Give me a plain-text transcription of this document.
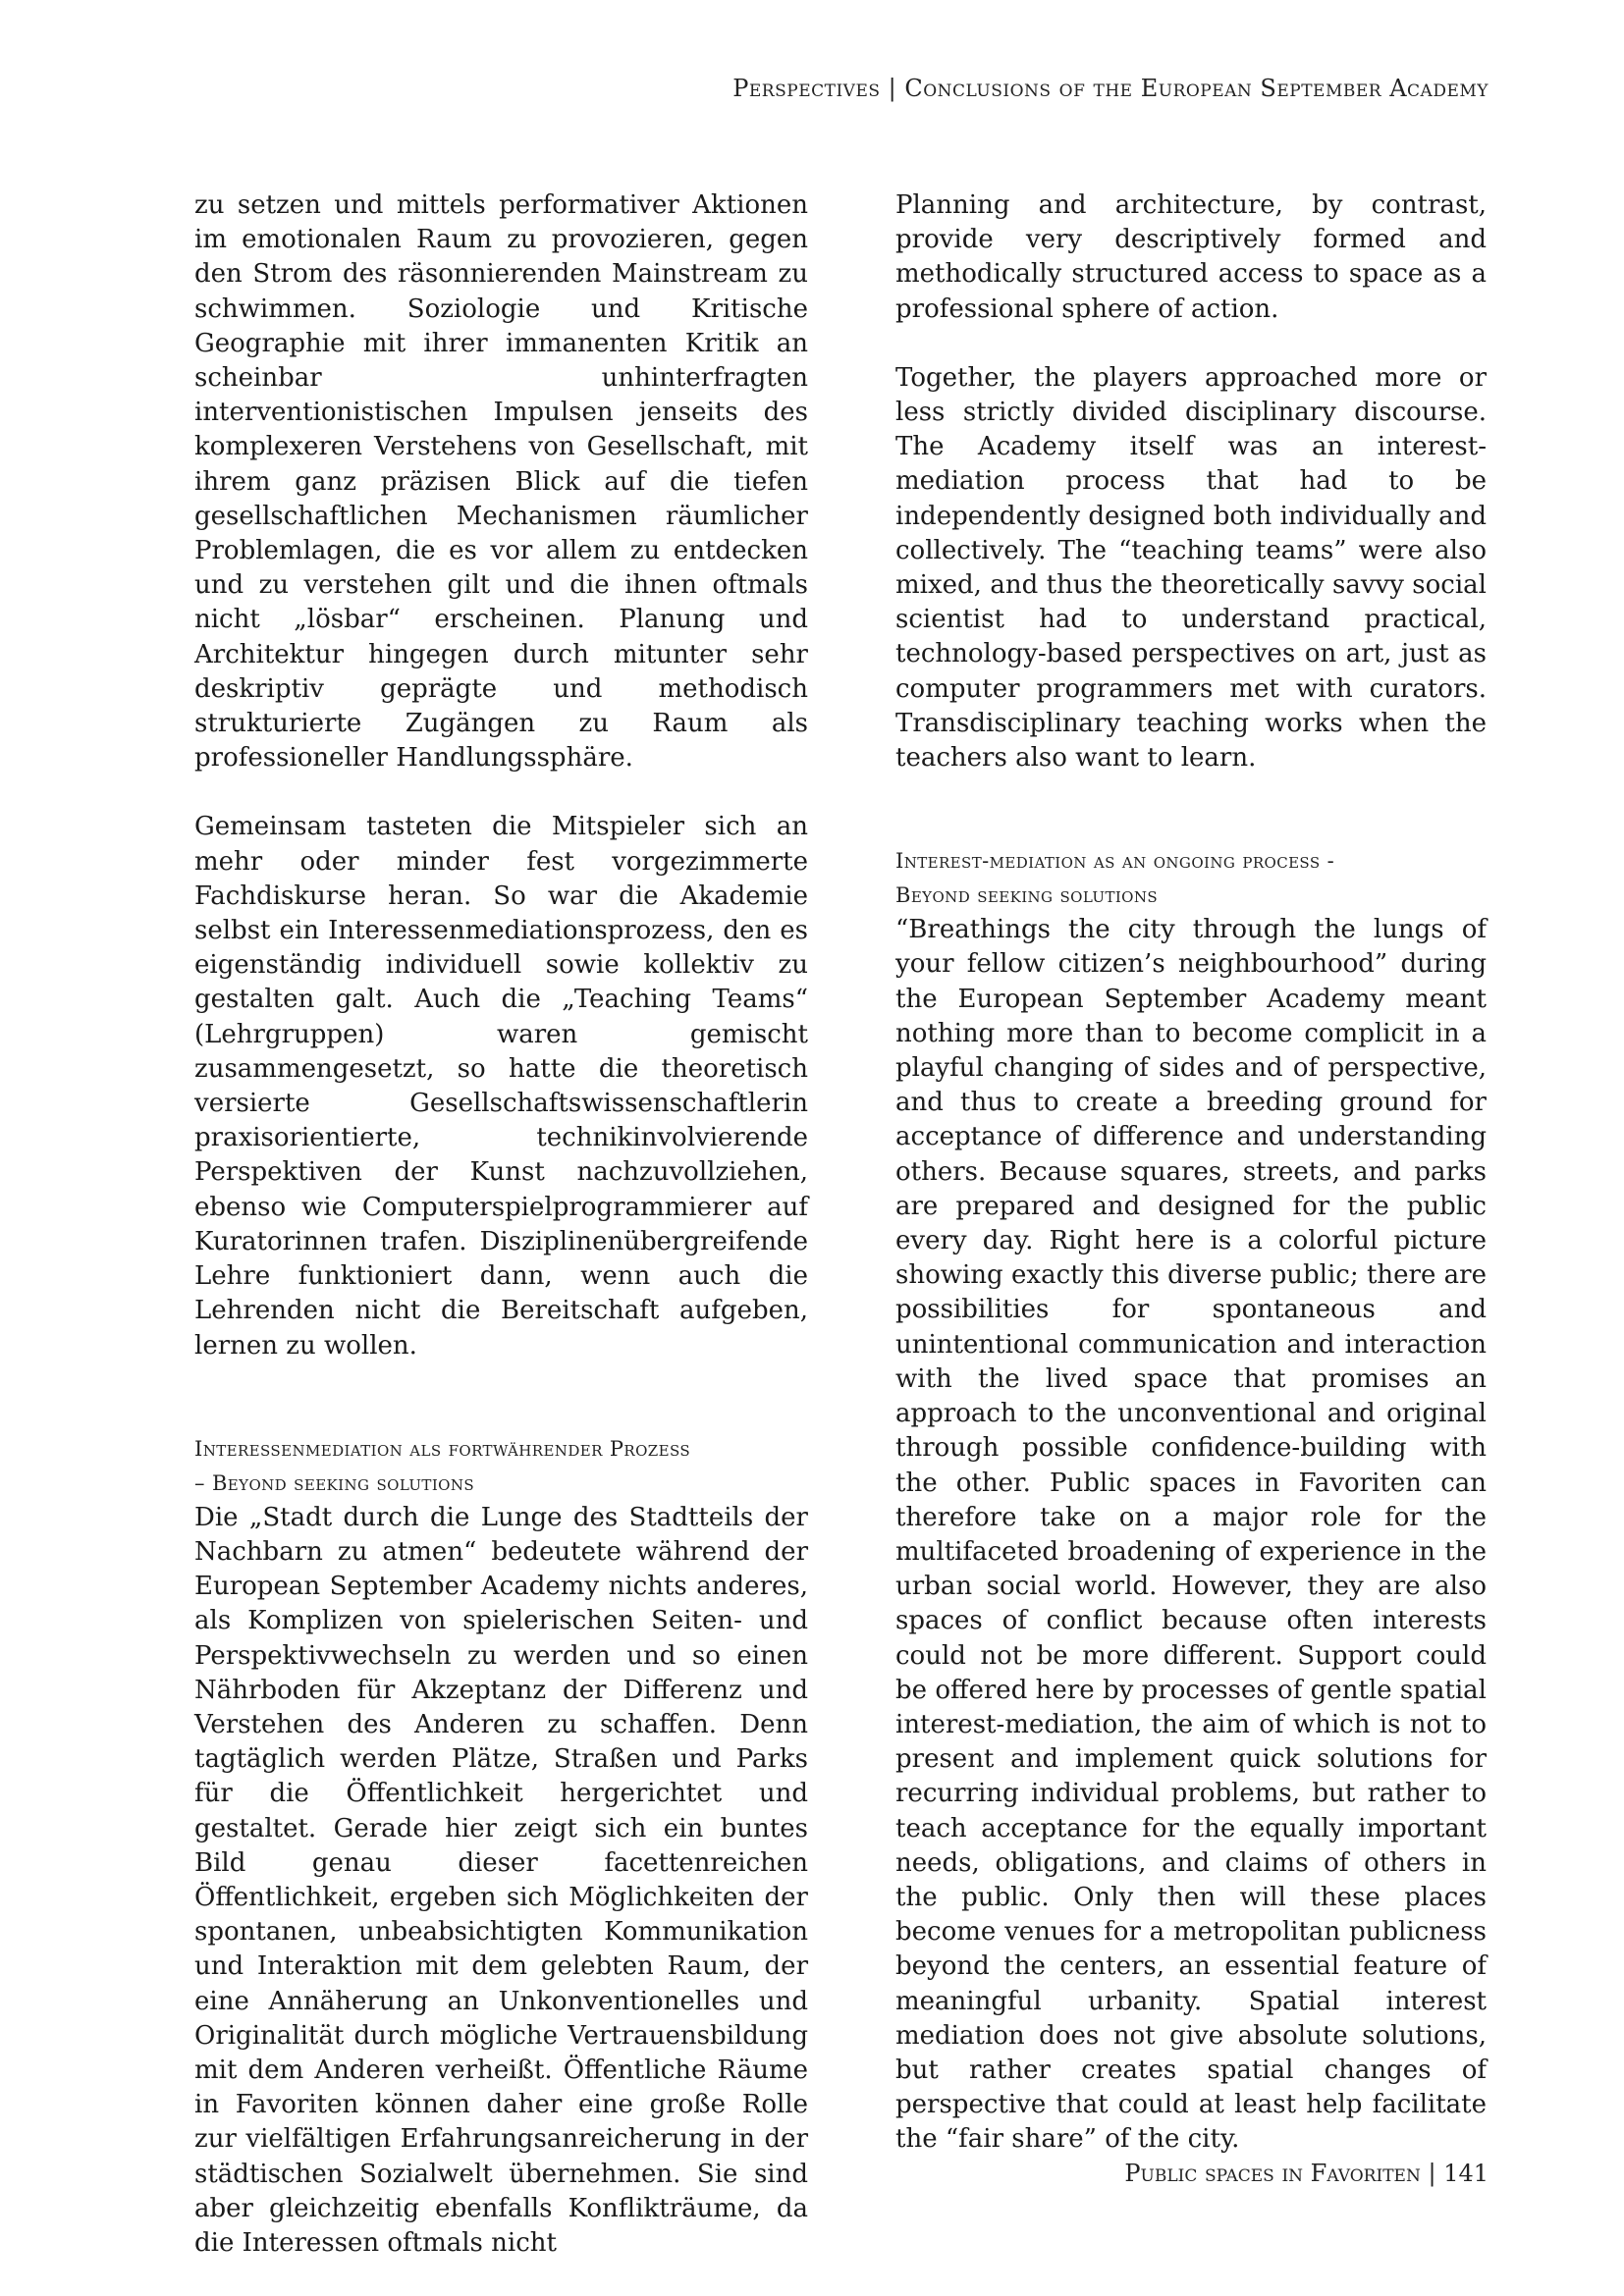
Perspectives | Conclusions of the European September Academy

zu setzen und mittels performativer Aktionen im emotionalen Raum zu provozieren, gegen den Strom des räsonnierenden Mainstream zu schwimmen. Soziologie und Kritische Geographie mit ihrer immanenten Kritik an scheinbar unhinterfragten interventionistischen Impulsen jenseits des komplexeren Verstehens von Gesellschaft, mit ihrem ganz präzisen Blick auf die tiefen gesellschaftlichen Mechanismen räumlicher Problemlagen, die es vor allem zu entdecken und zu verstehen gilt und die ihnen oftmals nicht „lösbar“ erscheinen. Planung und Architektur hingegen durch mitunter sehr deskriptiv geprägte und methodisch strukturierte Zugängen zu Raum als professioneller Handlungssphäre.

Gemeinsam tasteten die Mitspieler sich an mehr oder minder fest vorgezimmerte Fachdiskurse heran. So war die Akademie selbst ein Interessenmediationsprozess, den es eigenständig individuell sowie kollektiv zu gestalten galt. Auch die „Teaching Teams“ (Lehrgruppen) waren gemischt zusammengesetzt, so hatte die theoretisch versierte Gesellschaftswissenschaftlerin praxisorientierte, technikinvolvierende Perspektiven der Kunst nachzuvollziehen, ebenso wie Computerspielprogrammierer auf Kuratorinnen trafen. Disziplinenübergreifende Lehre funktioniert dann, wenn auch die Lehrenden nicht die Bereitschaft aufgeben, lernen zu wollen.

Interessenmediation als fortwährender Prozess

– Beyond seeking solutions

Die „Stadt durch die Lunge des Stadtteils der Nachbarn zu atmen“ bedeutete während der European September Academy nichts anderes, als Komplizen von spielerischen Seiten- und Perspektivwechseln zu werden und so einen Nährboden für Akzeptanz der Differenz und Verstehen des Anderen zu schaffen. Denn tagtäglich werden Plätze, Straßen und Parks für die Öffentlichkeit hergerichtet und gestaltet. Gerade hier zeigt sich ein buntes Bild genau dieser facettenreichen Öffentlichkeit, ergeben sich Möglichkeiten der spontanen, unbeabsichtigten Kommunikation und Interaktion mit dem gelebten Raum, der eine Annäherung an Unkonventionelles und Originalität durch mögliche Vertrauensbildung mit dem Anderen verheißt. Öffentliche Räume in Favoriten können daher eine große Rolle zur vielfältigen Erfahrungsanreicherung in der städtischen Sozialwelt übernehmen. Sie sind aber gleichzeitig ebenfalls Konflikträume, da die Interessen oftmals nicht

Planning and architecture, by contrast, provide very descriptively formed and methodically structured access to space as a professional sphere of action.

Together, the players approached more or less strictly divided disciplinary discourse. The Academy itself was an interest-mediation process that had to be independently designed both individually and collectively. The “teaching teams” were also mixed, and thus the theoretically savvy social scientist had to understand practical, technology-based perspectives on art, just as computer programmers met with curators. Transdisciplinary teaching works when the teachers also want to learn.

Interest-mediation as an ongoing process -

Beyond seeking solutions

“Breathings the city through the lungs of your fellow citizen’s neighbourhood” during the European September Academy meant nothing more than to become complicit in a playful changing of sides and of perspective, and thus to create a breeding ground for acceptance of difference and understanding others. Because squares, streets, and parks are prepared and designed for the public every day. Right here is a colorful picture showing exactly this diverse public; there are possibilities for spontaneous and unintentional communication and interaction with the lived space that promises an approach to the unconventional and original through possible confidence-building with the other. Public spaces in Favoriten can therefore take on a major role for the multifaceted broadening of experience in the urban social world. However, they are also spaces of conflict because often interests could not be more different. Support could be offered here by processes of gentle spatial interest-mediation, the aim of which is not to present and implement quick solutions for recurring individual problems, but rather to teach acceptance for the equally important needs, obligations, and claims of others in the public. Only then will these places become venues for a metropolitan publicness beyond the centers, an essential feature of meaningful urbanity. Spatial interest mediation does not give absolute solutions, but rather creates spatial changes of perspective that could at least help facilitate the “fair share” of the city.

Public spaces in Favoriten | 141
